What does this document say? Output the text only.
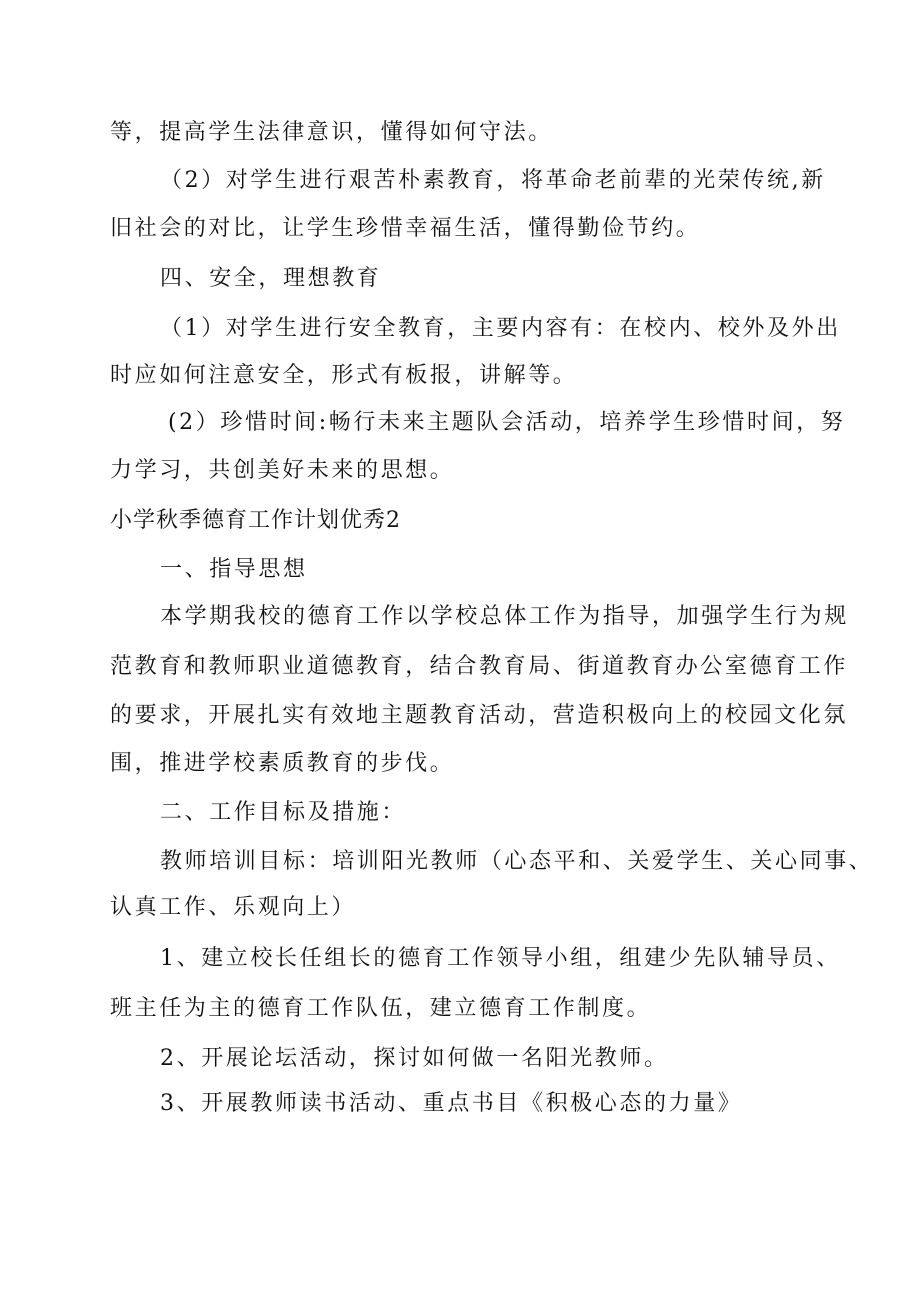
等，提高学生法律意识，懂得如何守法。
（2）对学生进行艰苦朴素教育，将革命老前辈的光荣传统,新
旧社会的对比，让学生珍惜幸福生活，懂得勤俭节约。
四、安全，理想教育
（1）对学生进行安全教育，主要内容有：在校内、校外及外出
时应如何注意安全，形式有板报，讲解等。
(2）珍惜时间:畅行未来主题队会活动，培养学生珍惜时间，努
力学习，共创美好未来的思想。
小学秋季德育工作计划优秀2
一、指导思想
本学期我校的德育工作以学校总体工作为指导，加强学生行为规
范教育和教师职业道德教育，结合教育局、街道教育办公室德育工作
的要求，开展扎实有效地主题教育活动，营造积极向上的校园文化氛
围，推进学校素质教育的步伐。
二、工作目标及措施：
教师培训目标：培训阳光教师（心态平和、关爱学生、关心同事、
认真工作、乐观向上）
1、建立校长任组长的德育工作领导小组，组建少先队辅导员、
班主任为主的德育工作队伍，建立德育工作制度。
2、开展论坛活动，探讨如何做一名阳光教师。
3、开展教师读书活动、重点书目《积极心态的力量》
